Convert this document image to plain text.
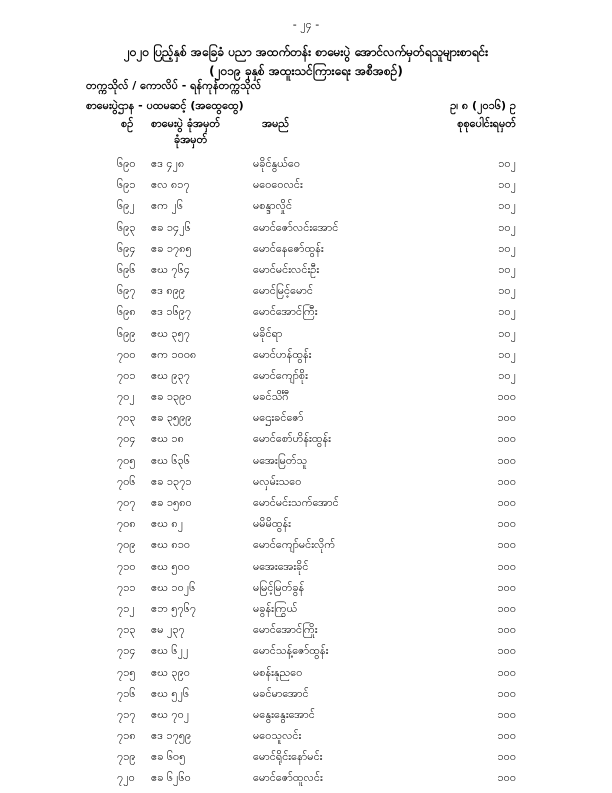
- ၂၄ -
၂၀၂၀ ပြည့်နှစ် အခြေခံ ပညာ အထက်တန်း စာမေးပွဲ အောင်လက်မှတ်ရသူများစာရင်း
(၂၀၁၉ ခုနှစ် အထူးသင်ကြားရေး အစီအစဉ်)
တက္ကသိုလ် / ကောလိပ် - ရန်ကုန်တက္ကသိုလ်
စာမေးပွဲဌာန - ပထမဆင့် (အထွေထွေ)	ဥ၊ ၈ (၂၀၁၆) ဥ
စဉ် စာမေးပွဲ ခုံအမှတ်
ခုံအမှတ်
အမည်	စုစုပေါင်းရမှတ်
၆၉၀ ဧဒ ၄၂၈	မခိုင်နွယ်ဝေ	၁၀၂
၆၉၁ ဧလ ၈၁၇	မဝေဝေလင်း	၁၀၂
၆၉၂ ဧက ၂၆	မစန္ဒာလှိုင်	၁၀၂
၆၉၃ ဧခ ၁၄၂၆	မောင်ဇော်လင်းအောင်	၁၀၂
၆၉၄ ဧခ ၁၇၈၅	မောင်နေဇော်ထွန်း	၁၀၂
၆၉၆ ဧဃ ၇၆၄	မောင်မင်းလင်းဦး	၁၀၂
၆၉၇ ဧဒ ၈၉၉	မောင်မြင့်မောင်	၁၀၂
၆၉၈ ဧဒ ၁၆၉၇	မောင်အောင်ကြီး	၁၀၂
၆၉၉ ဧဃ ၃၅၇	မခိုင်ရာ	၁၀၂
၇၀၀ ဧက ၁၀၀၈	မောင်ဟန်ထွန်း	၁၀၂
၇၀၁ ဧဃ ၉၃၇	မောင်ကျော်စိုး	၁၀၂
၇၀၂ ဧခ ၁၃၉၀	မခင်သိင်္ဂီ	၁၀၀
၇၀၃ ဧခ ၃၅၉၉	မဌေးခင်ဇော်	၁၀၀
၇၀၄ ဧဃ ၁၈	မောင်စော်ဟိန်းထွန်း	၁၀၀
၇၀၅ ဧဃ ၆၃၆	မအေးမြတ်သူ	၁၀၀
၇၀၆ ဧခ ၁၃၇၁	မလှမ်းသဝေ	၁၀၀
၇၀၇ ဧခ ၁၅၈၀	မောင်မင်းသက်အောင်	၁၀၀
၇၀၈ ဧဃ ၈၂	မမိမိထွန်း	၁၀၀
၇၀၉ ဧဃ ၈၁၀	မောင်ကျော်မင်းလိုက်	၁၀၀
၇၁၀ ဧဃ ၅၀၀	မအေးအေးခိုင်	၁၀၀
၇၁၁ ဧဃ ၁၀၂၆	မမြင့်မြတ်ခွန်	၁၀၀
၇၁၂ ဧဘ ၅၇၆၇	မခွန်းကြွယ်	၁၀၀
၇၁၃ ဧမ ၂၃၇	မောင်အောင်ကြိုး	၁၀၀
၇၁၄ ဧဃ ၆၂၂	မောင်သန့်ဇော်ထွန်း	၁၀၀
၇၁၅ ဧဃ ၃၉၀	မစန်းနုညဝေ	၁၀၀
၇၁၆ ဧဃ ၅၂၆	မခင်မာအောင်	၁၀၀
၇၁၇ ဧဃ ၇၀၂	မနွေးနွေးအောင်	၁၀၀
၇၁၈ ဧဒ ၁၇၅၉	မဝေသူလင်း	၁၀၀
၇၁၉ ဧခ ၆၀၅	မောင်ရိုင်းနော်မင်း	၁၀၀
၇၂၀ ဧခ ၆၂၆၀	မောင်ဇော်ထူလင်း	၁၀၀
